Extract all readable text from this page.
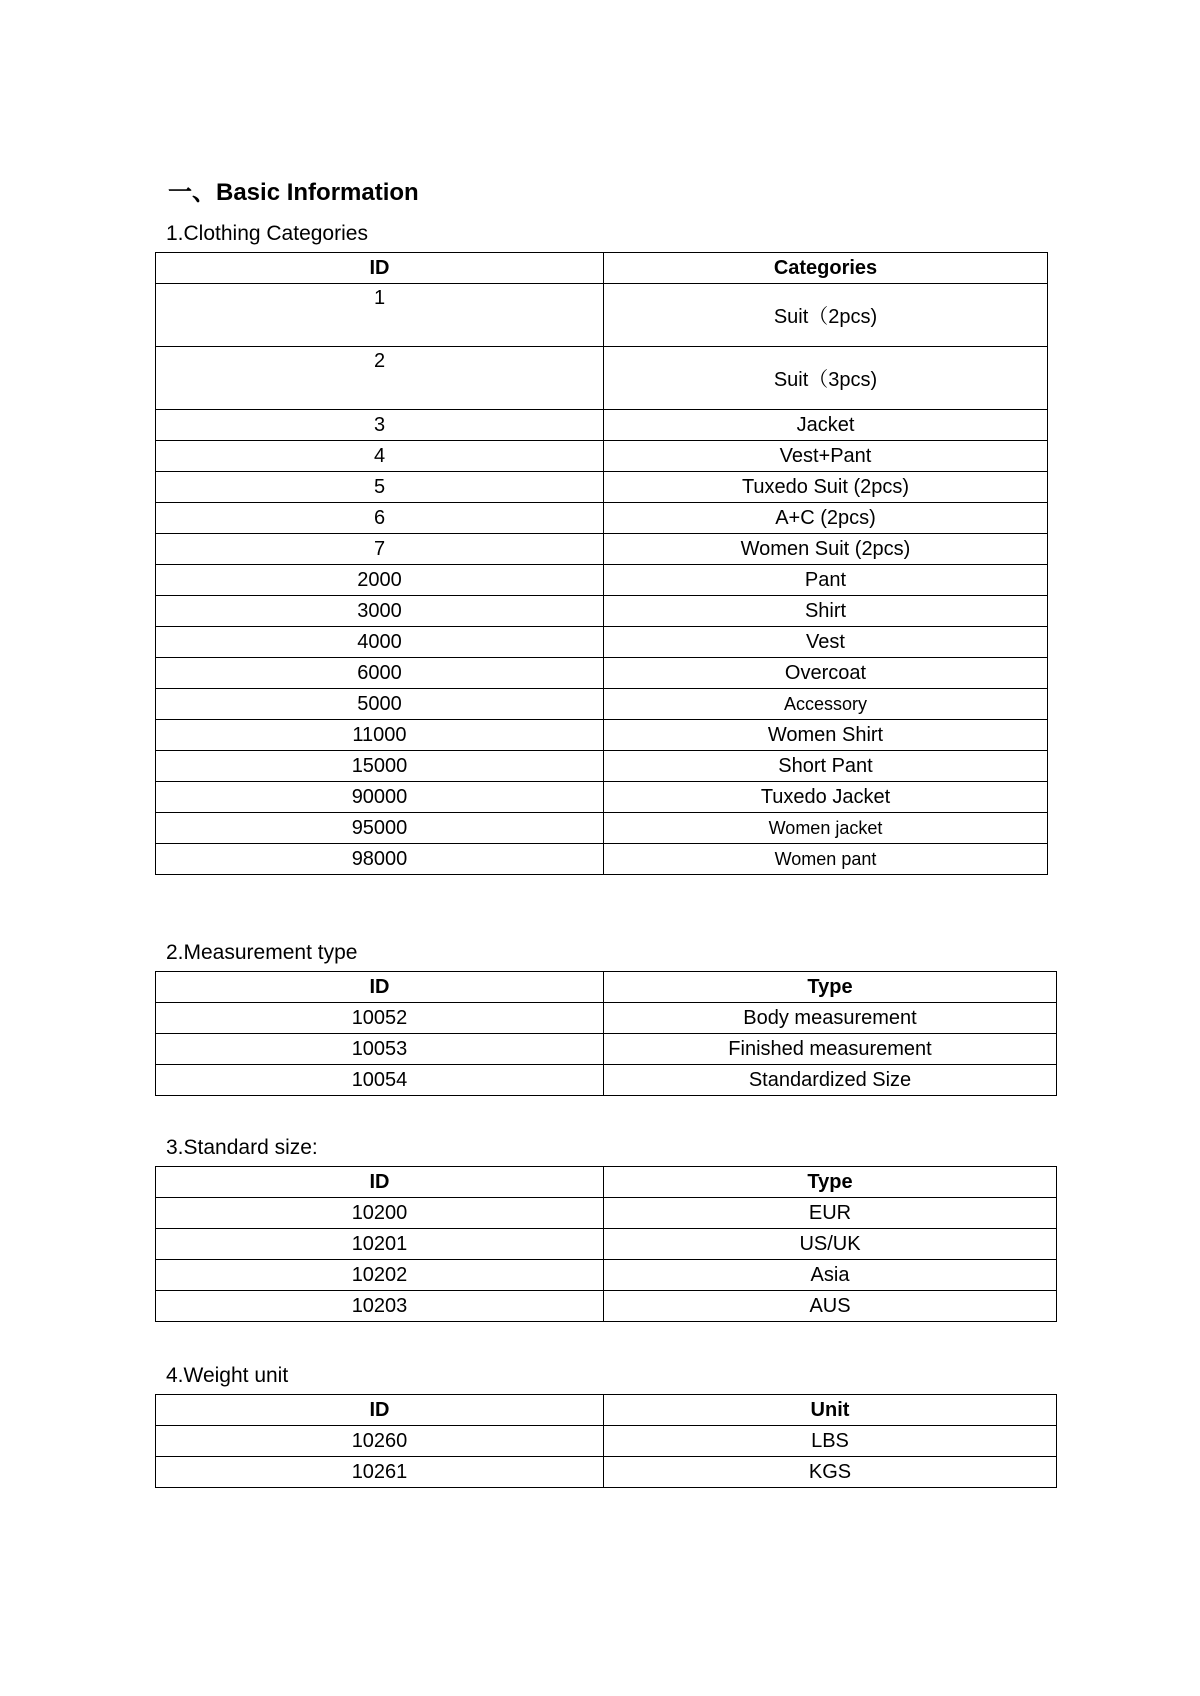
一、Basic Information

1.Clothing Categories

ID	Categories
1	Suit（2pcs)
2	Suit（3pcs)
3	Jacket
4	Vest+Pant
5	Tuxedo Suit (2pcs)
6	A+C (2pcs)
7	Women Suit (2pcs)
2000	Pant
3000	Shirt
4000	Vest
6000	Overcoat
5000	Accessory
11000	Women Shirt
15000	Short Pant
90000	Tuxedo Jacket
95000	Women jacket
98000	Women pant

2.Measurement type

ID	Type
10052	Body measurement
10053	Finished measurement
10054	Standardized Size

3.Standard size:

ID	Type
10200	EUR
10201	US/UK
10202	Asia
10203	AUS

4.Weight unit

ID	Unit
10260	LBS
10261	KGS
